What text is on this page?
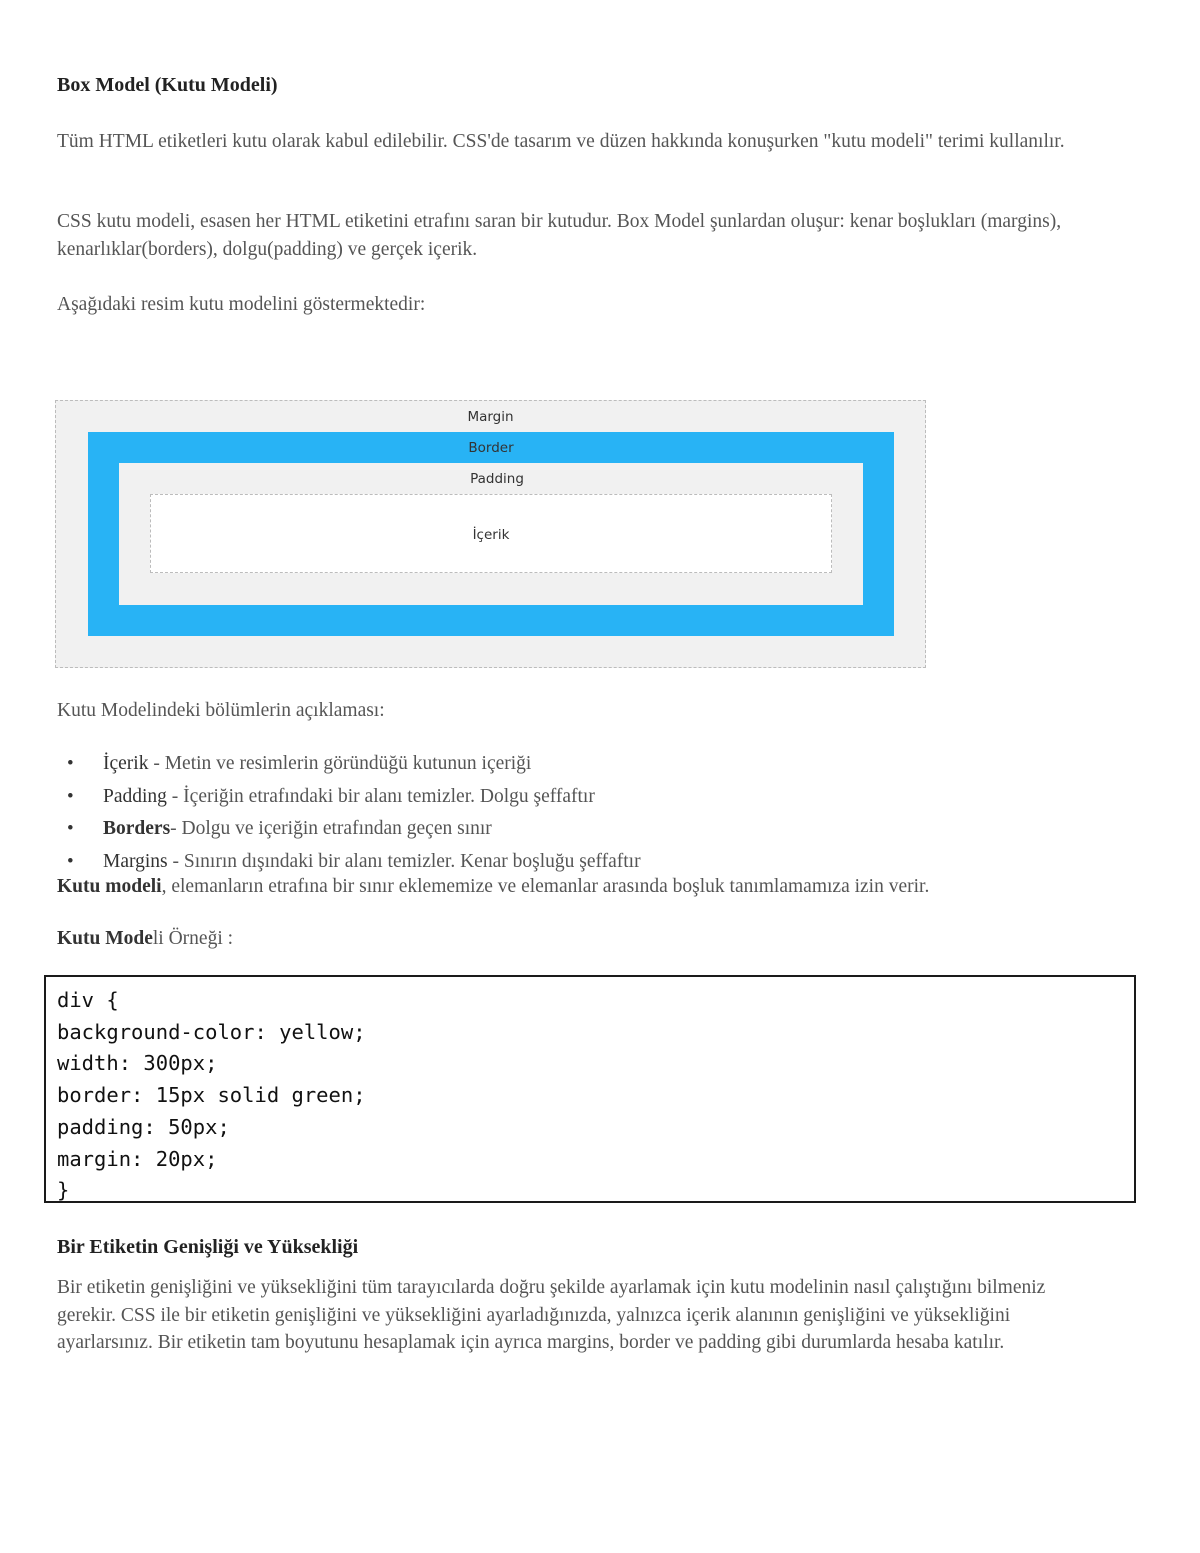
Box Model (Kutu Modeli)
Tüm HTML etiketleri kutu olarak kabul edilebilir. CSS'de tasarım ve düzen hakkında konuşurken "kutu modeli" terimi kullanılır.
CSS kutu modeli, esasen her HTML etiketini etrafını saran bir kutudur. Box Model şunlardan oluşur: kenar boşlukları (margins), kenarlıklar(borders), dolgu(padding) ve gerçek içerik.
Aşağıdaki resim kutu modelini göstermektedir:
Kutu Modelindeki bölümlerin açıklaması:
• İçerik - Metin ve resimlerin göründüğü kutunun içeriği
• Padding - İçeriğin etrafındaki bir alanı temizler. Dolgu şeffaftır
• Borders- Dolgu ve içeriğin etrafından geçen sınır
• Margins - Sınırın dışındaki bir alanı temizler. Kenar boşluğu şeffaftır
Kutu modeli, elemanların etrafına bir sınır eklememize ve elemanlar arasında boşluk tanımlamamıza izin verir.
Kutu Modeli Örneği :
Bir Etiketin Genişliği ve Yüksekliği
Bir etiketin genişliğini ve yüksekliğini tüm tarayıcılarda doğru şekilde ayarlamak için kutu modelinin nasıl çalıştığını bilmeniz gerekir. CSS ile bir etiketin genişliğini ve yüksekliğini ayarladığınızda, yalnızca içerik alanının genişliğini ve yüksekliğini ayarlarsınız. Bir etiketin tam boyutunu hesaplamak için ayrıca margins, border ve padding gibi durumlarda hesaba katılır.
Margin
Border
Padding
İçerik
div {
background-color: yellow;
width: 300px;
border: 15px solid green;
padding: 50px;
margin: 20px;
}
